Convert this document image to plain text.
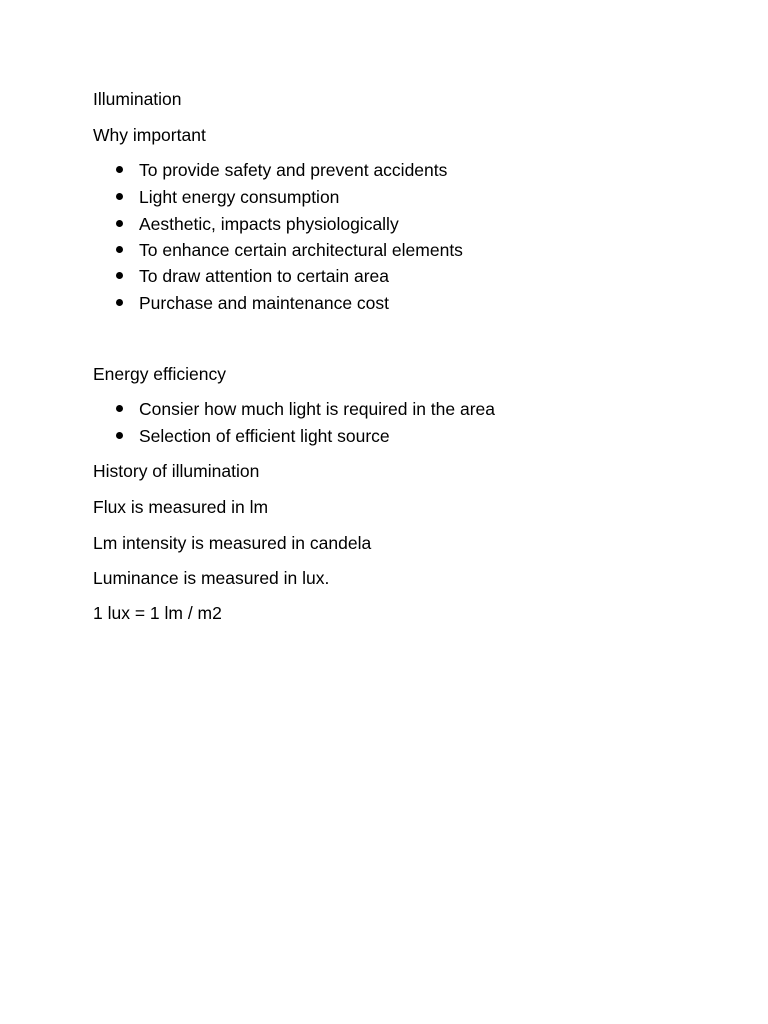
Illumination
Why important
To provide safety and prevent accidents
Light energy consumption
Aesthetic, impacts physiologically
To enhance certain architectural elements
To draw attention to certain area
Purchase and maintenance cost
Energy efficiency
Consier how much light is required in the area
Selection of efficient light source
History of illumination
Flux is measured in lm
Lm intensity is measured in candela
Luminance is measured in lux.
1 lux = 1 lm / m2
